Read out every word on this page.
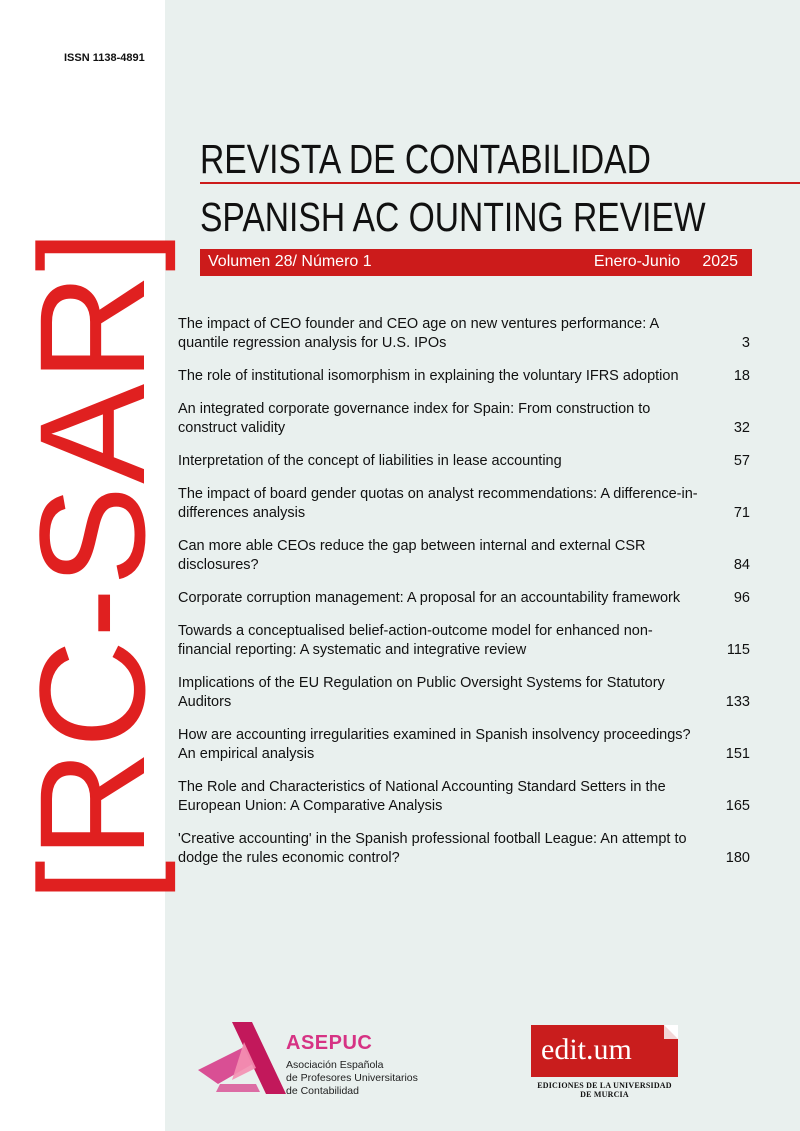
ISSN 1138-4891
[RC-SAR]
REVISTA DE CONTABILIDAD
SPANISH AC OUNTING REVIEW
Volumen 28/ Número 1	Enero-Junio     2025
The impact of CEO founder and CEO age on new ventures performance: A quantile regression analysis for U.S. IPOs	3
The role of institutional isomorphism in explaining the voluntary IFRS adoption	18
An integrated corporate governance index for Spain: From construction to construct validity	32
Interpretation of the concept of liabilities in lease accounting	57
The impact of board gender quotas on analyst recommendations: A difference-in-differences analysis	71
Can more able CEOs reduce the gap between internal and external CSR disclosures?	84
Corporate corruption management: A proposal for an accountability framework	96
Towards a conceptualised belief-action-outcome model for enhanced non-financial reporting: A systematic and integrative review	115
Implications of the EU Regulation on Public Oversight Systems for Statutory Auditors	133
How are accounting irregularities examined in Spanish insolvency proceedings? An empirical analysis	151
The Role and Characteristics of National Accounting Standard Setters in the European Union: A Comparative Analysis	165
'Creative accounting' in the Spanish professional football League: An attempt to dodge the rules economic control?	180
ASEPUC
Asociación Española
de Profesores Universitarios
de Contabilidad
edit.um
EDICIONES DE LA UNIVERSIDAD DE MURCIA
